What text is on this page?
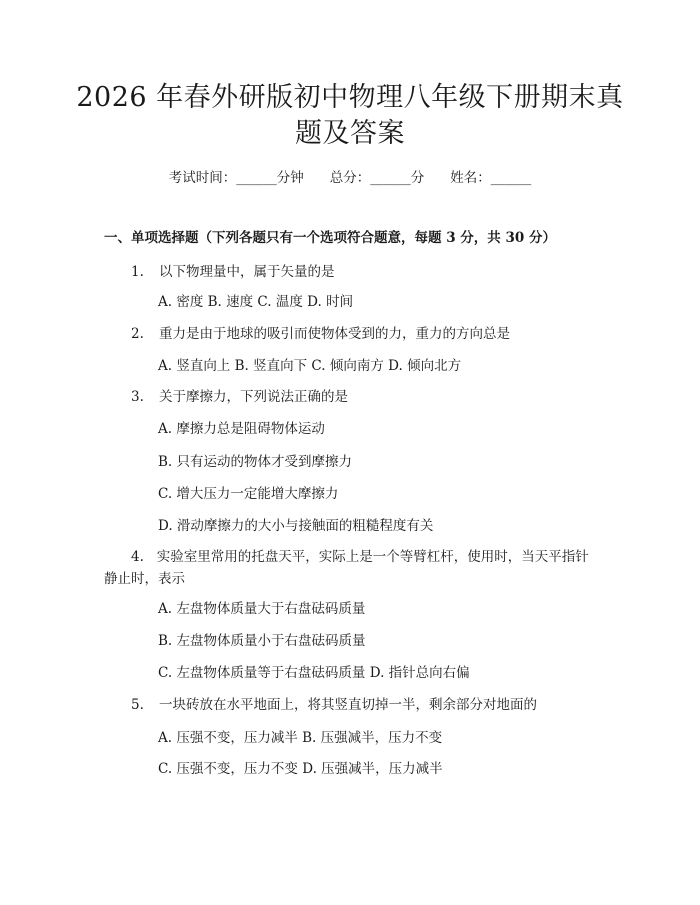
2026 年春外研版初中物理八年级下册期末真
题及答案
考试时间：______分钟 总分：______分 姓名：______
一、单项选择题（下列各题只有一个选项符合题意，每题 3 分，共 30 分）
1. 以下物理量中，属于矢量的是
A. 密度 B. 速度 C. 温度 D. 时间
2. 重力是由于地球的吸引而使物体受到的力，重力的方向总是
A. 竖直向上 B. 竖直向下 C. 倾向南方 D. 倾向北方
3. 关于摩擦力，下列说法正确的是
A. 摩擦力总是阻碍物体运动
B. 只有运动的物体才受到摩擦力
C. 增大压力一定能增大摩擦力
D. 滑动摩擦力的大小与接触面的粗糙程度有关
4. 实验室里常用的托盘天平，实际上是一个等臂杠杆，使用时，当天平指针静止时，表示
A. 左盘物体质量大于右盘砝码质量
B. 左盘物体质量小于右盘砝码质量
C. 左盘物体质量等于右盘砝码质量 D. 指针总向右偏
5. 一块砖放在水平地面上，将其竖直切掉一半，剩余部分对地面的
A. 压强不变，压力减半 B. 压强减半，压力不变
C. 压强不变，压力不变 D. 压强减半，压力减半
